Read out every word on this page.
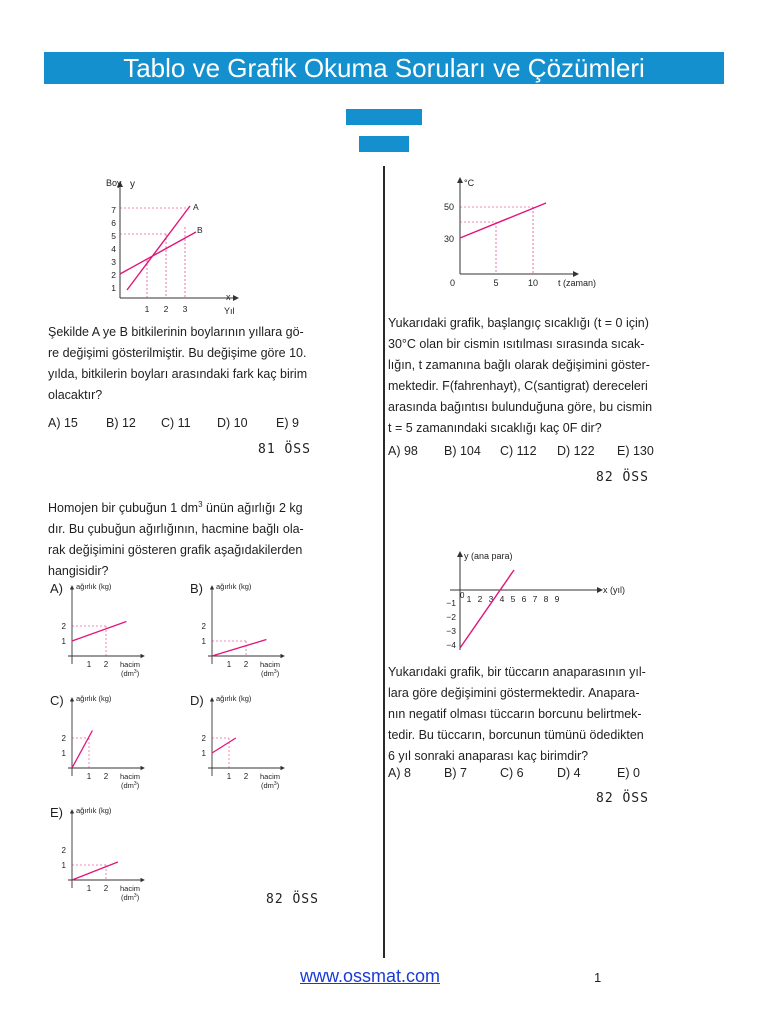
Tablo ve Grafik Okuma Soruları ve Çözümleri
Boy y
x
Yıl
1
2
3
4
5
6
7
1 2 3
A
B
Şekilde A ye B bitkilerinin boylarının yıllara gö-
re değişimi gösterilmiştir. Bu değişime göre 10.
yılda, bitkilerin boyları arasındaki fark kaç birim
olacaktır?
A) 15	B) 12	C) 11	D) 10	E) 9
81 ÖSS
Homojen bir çubuğun 1 $dm^3$ ünün ağırlığı 2 kg
dır. Bu çubuğun ağırlığının, hacmine bağlı ola-
rak değişimini gösteren grafik aşağıdakilerden
hangisidir?
A)	B)
C)	D)
E)
ağırlık (kg)
1
2
1 2 hacim
$(dm^3)$
ağırlık (kg)
1
2
1 2 hacim
$(dm^3)$
ağırlık (kg)
1
2
1 2 hacim
$(dm^3)$
ağırlık (kg)
1
2
1 2 hacim
$(dm^3)$
ağırlık (kg)
1
2
1 2 hacim
$(dm^3)$	82 ÖSS
°C
t (zaman)
0
50
30
5	10
Yukarıdaki grafik, başlangıç sıcaklığı (t = 0 için)
30°C olan bir cismin ısıtılması sırasında sıcak-
lığın, t zamanına bağlı olarak değişimini göster-
mektedir. F(fahrenhayt), C(santigrat) dereceleri
arasında bağıntısı bulunduğuna göre, bu cismin
t = 5 zamanındaki sıcaklığı kaç 0F dir?
A) 98	B) 104	C) 112	D) 122	E) 130
82 ÖSS
y (ana para)
x (yıl)
0 1 2 3 4 5 6 7 8 9
−1
−2
−3
−4
Yukarıdaki grafik, bir tüccarın anaparasının yıl-
lara göre değişimini göstermektedir. Anapara-
nın negatif olması tüccarın borcunu belirtmek-
tedir. Bu tüccarın, borcunun tümünü ödedikten
6 yıl sonraki anaparası kaç birimdir?
A) 8	B) 7	C) 6	D) 4	E) 0
82 ÖSS
www.ossmat.com	1
